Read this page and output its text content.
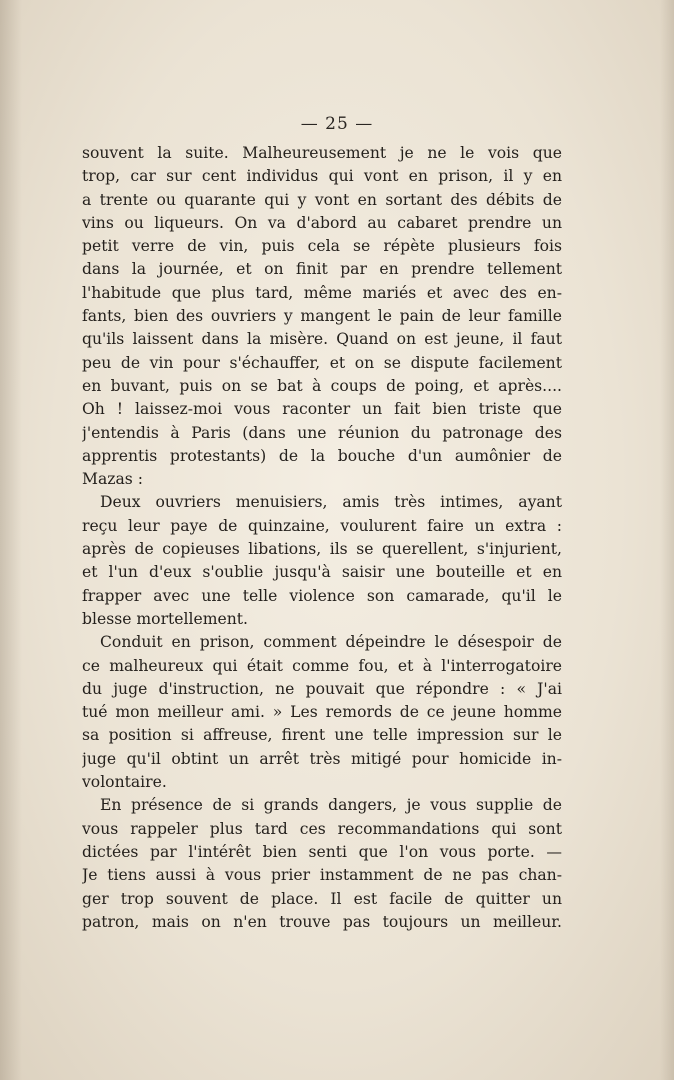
— 25 —
souvent la suite. Malheureusement je ne le vois que
trop, car sur cent individus qui vont en prison, il y en
a trente ou quarante qui y vont en sortant des débits de
vins ou liqueurs. On va d'abord au cabaret prendre un
petit verre de vin, puis cela se répète plusieurs fois
dans la journée, et on finit par en prendre tellement
l'habitude que plus tard, même mariés et avec des en-
fants, bien des ouvriers y mangent le pain de leur famille
qu'ils laissent dans la misère. Quand on est jeune, il faut
peu de vin pour s'échauffer, et on se dispute facilement
en buvant, puis on se bat à coups de poing, et après....
Oh ! laissez-moi vous raconter un fait bien triste que
j'entendis à Paris (dans une réunion du patronage des
apprentis protestants) de la bouche d'un aumônier de
Mazas :
Deux ouvriers menuisiers, amis très intimes, ayant
reçu leur paye de quinzaine, voulurent faire un extra :
après de copieuses libations, ils se querellent, s'injurient,
et l'un d'eux s'oublie jusqu'à saisir une bouteille et en
frapper avec une telle violence son camarade, qu'il le
blesse mortellement.
Conduit en prison, comment dépeindre le désespoir de
ce malheureux qui était comme fou, et à l'interrogatoire
du juge d'instruction, ne pouvait que répondre : « J'ai
tué mon meilleur ami. » Les remords de ce jeune homme
sa position si affreuse, firent une telle impression sur le
juge qu'il obtint un arrêt très mitigé pour homicide in-
volontaire.
En présence de si grands dangers, je vous supplie de
vous rappeler plus tard ces recommandations qui sont
dictées par l'intérêt bien senti que l'on vous porte. —
Je tiens aussi à vous prier instamment de ne pas chan-
ger trop souvent de place. Il est facile de quitter un
patron, mais on n'en trouve pas toujours un meilleur.
